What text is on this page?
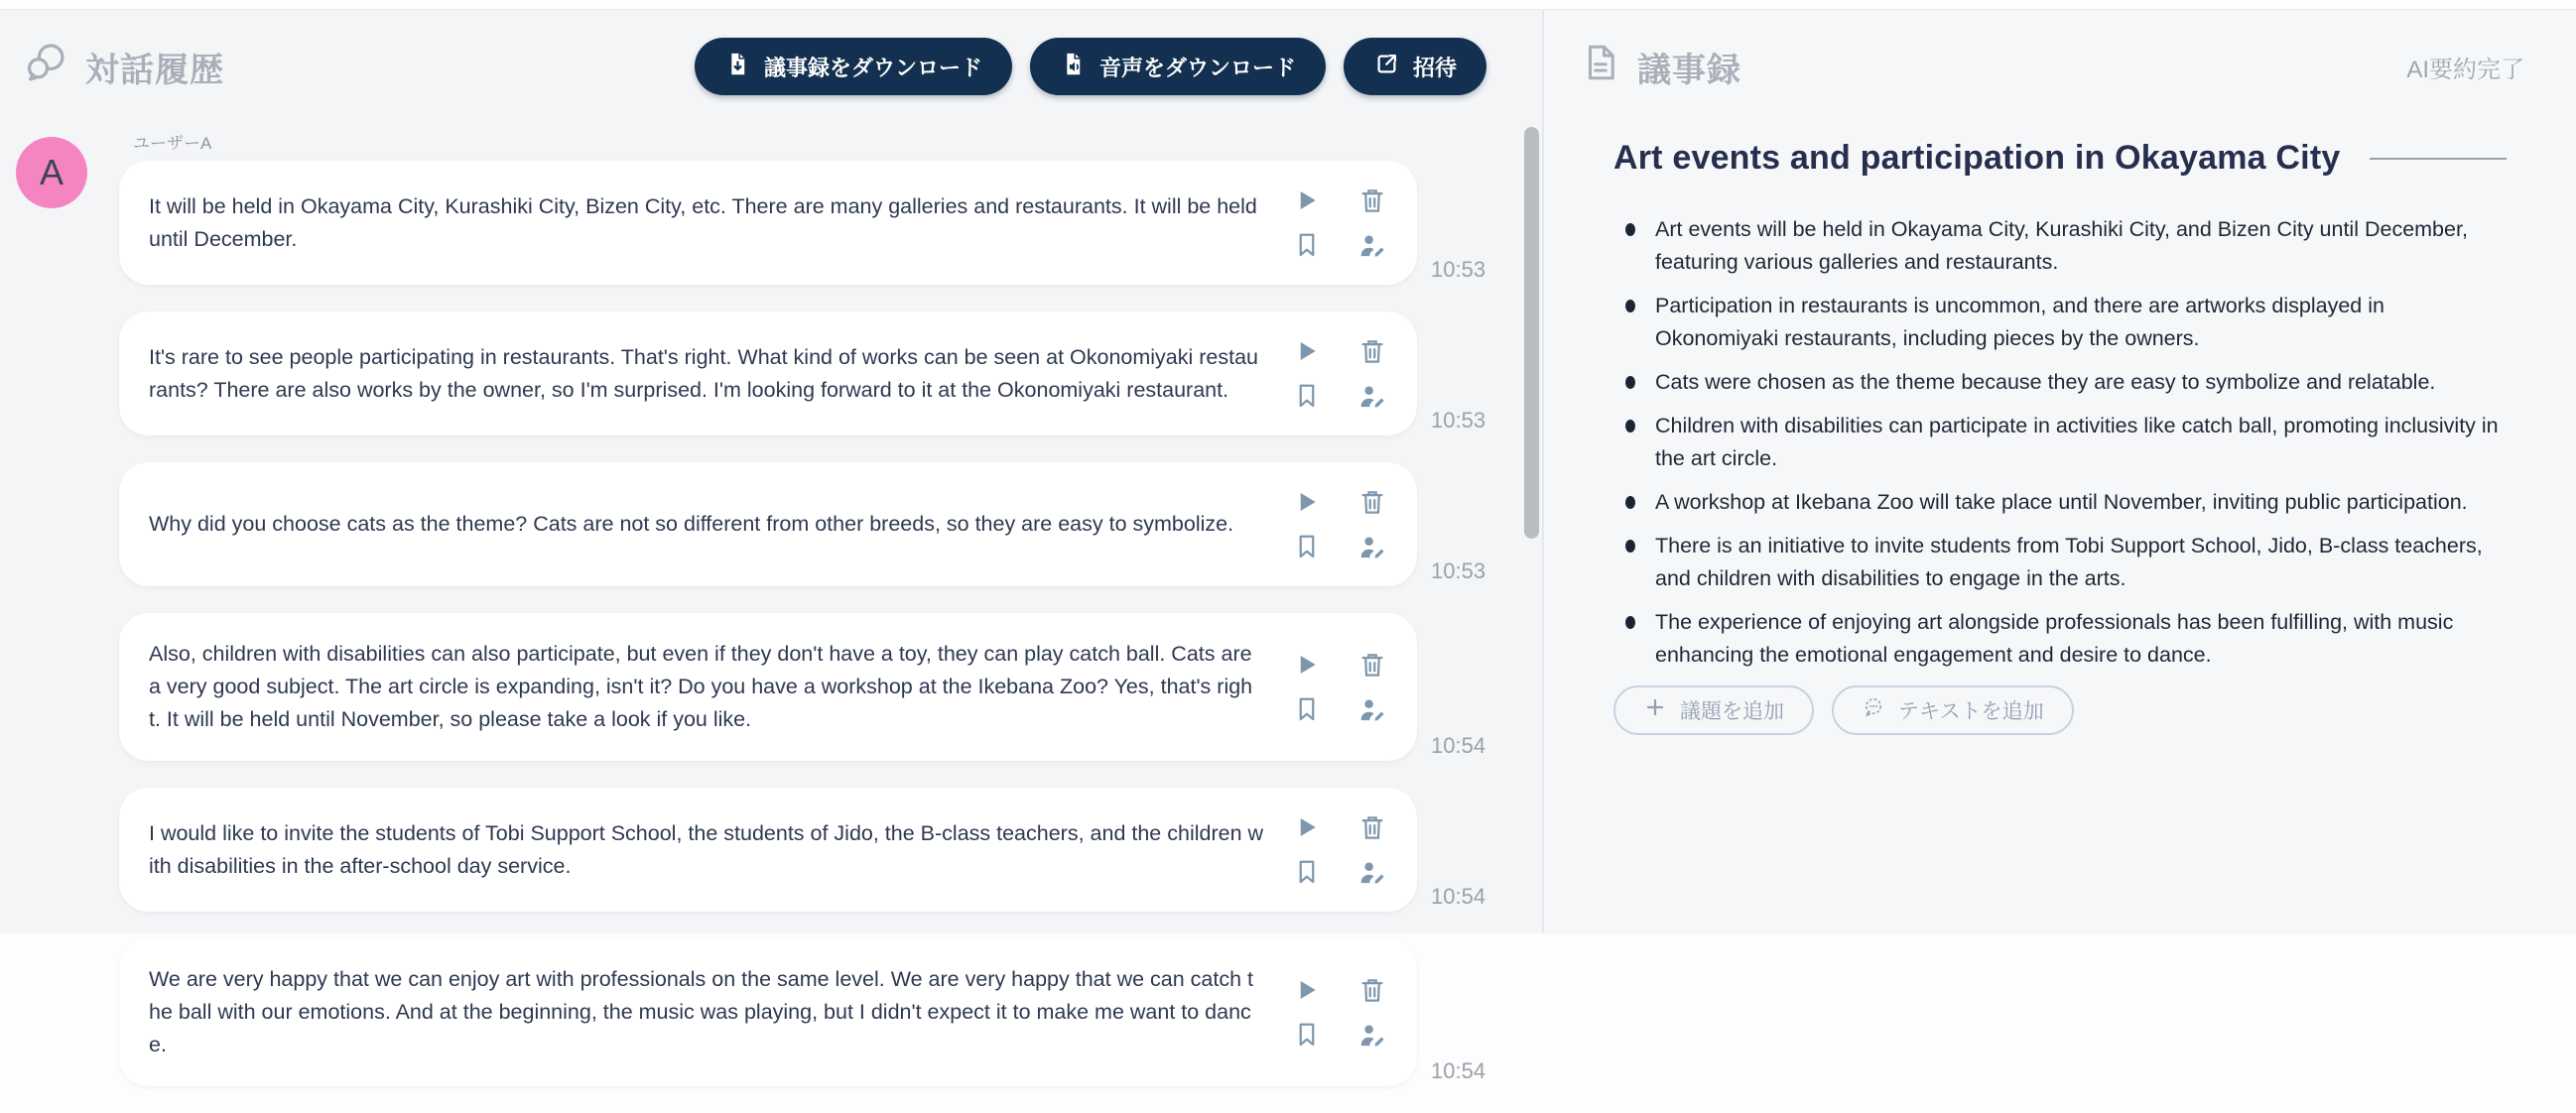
対話履歴	議事録をダウンロード	音声をダウンロード	招待
A
ユーザーA

It will be held in Okayama City, Kurashiki City, Bizen City, etc. There are many galleries and restaurants. It will be held until December.

10:53

It's rare to see people participating in restaurants. That's right. What kind of works can be seen at Okonomiyaki restaurants? There are also works by the owner, so I'm surprised. I'm looking forward to it at the Okonomiyaki restaurant.

10:53

Why did you choose cats as the theme? Cats are not so different from other breeds, so they are easy to symbolize.

10:53

Also, children with disabilities can also participate, but even if they don't have a toy, they can play catch ball. Cats are a very good subject. The art circle is expanding, isn't it? Do you have a workshop at the Ikebana Zoo? Yes, that's right. It will be held until November, so please take a look if you like.

10:54

I would like to invite the students of Tobi Support School, the students of Jido, the B-class teachers, and the children with disabilities in the after-school day service.

10:54

We are very happy that we can enjoy art with professionals on the same level. We are very happy that we can catch the ball with our emotions. And at the beginning, the music was playing, but I didn't expect it to make me want to dance.

10:54
議事録	AI要約完了
Art events and participation in Okayama City
Art events will be held in Okayama City, Kurashiki City, and Bizen City until December, featuring various galleries and restaurants.
Participation in restaurants is uncommon, and there are artworks displayed in Okonomiyaki restaurants, including pieces by the owners.
Cats were chosen as the theme because they are easy to symbolize and relatable.
Children with disabilities can participate in activities like catch ball, promoting inclusivity in the art circle.
A workshop at Ikebana Zoo will take place until November, inviting public participation.
There is an initiative to invite students from Tobi Support School, Jido, B-class teachers, and children with disabilities to engage in the arts.
The experience of enjoying art alongside professionals has been fulfilling, with music enhancing the emotional engagement and desire to dance.
議題を追加	テキストを追加
